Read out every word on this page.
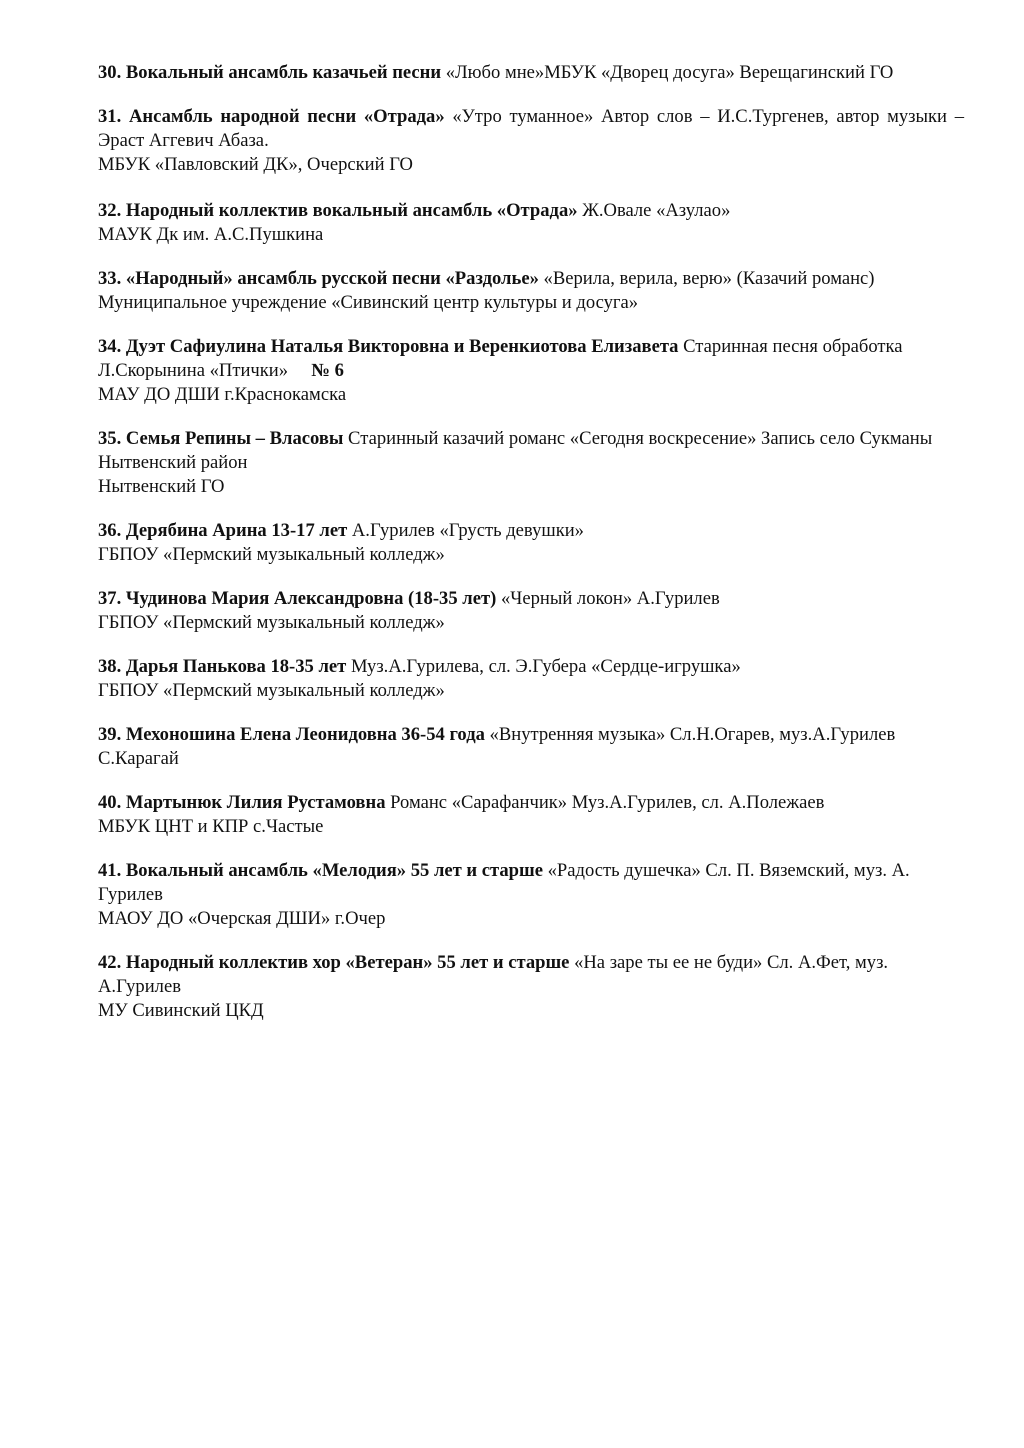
30. Вокальный ансамбль казачьей песни «Любо мне»МБУК «Дворец досуга» Верещагинский ГО

31. Ансамбль народной песни «Отрада» «Утро туманное» Автор слов – И.С.Тургенев, автор музыки – Эраст Аггевич Абаза.

МБУК «Павловский ДК», Очерский ГО

32. Народный коллектив вокальный ансамбль «Отрада» Ж.Овале «Азулао»

МАУК Дк им. А.С.Пушкина

33. «Народный» ансамбль русской песни «Раздолье» «Верила, верила, верю» (Казачий романс)

Муниципальное учреждение «Сивинский центр культуры и досуга»

34. Дуэт Сафиулина Наталья Викторовна и Веренкиотова Елизавета Старинная песня обработка Л.Скорынина «Птички» № 6

МАУ ДО ДШИ г.Краснокамска

35. Семья Репины – Власовы Старинный казачий романс «Сегодня воскресение» Запись село Сукманы Нытвенский район

Нытвенский ГО

36. Дерябина Арина 13-17 лет А.Гурилев «Грусть девушки»

ГБПОУ «Пермский музыкальный колледж»

37. Чудинова Мария Александровна (18-35 лет) «Черный локон» А.Гурилев

ГБПОУ «Пермский музыкальный колледж»

38. Дарья Панькова 18-35 лет Муз.А.Гурилева, сл. Э.Губера «Сердце-игрушка»

ГБПОУ «Пермский музыкальный колледж»

39. Мехоношина Елена Леонидовна 36-54 года «Внутренняя музыка» Сл.Н.Огарев, муз.А.Гурилев

С.Карагай

40. Мартынюк Лилия Рустамовна Романс «Сарафанчик» Муз.А.Гурилев, сл. А.Полежаев

МБУК ЦНТ и КПР с.Частые

41. Вокальный ансамбль «Мелодия» 55 лет и старше «Радость душечка» Сл. П. Вяземский, муз. А. Гурилев

МАОУ ДО «Очерская ДШИ» г.Очер

42. Народный коллектив хор «Ветеран» 55 лет и старше «На заре ты ее не буди» Сл. А.Фет, муз. А.Гурилев

МУ Сивинский ЦКД
